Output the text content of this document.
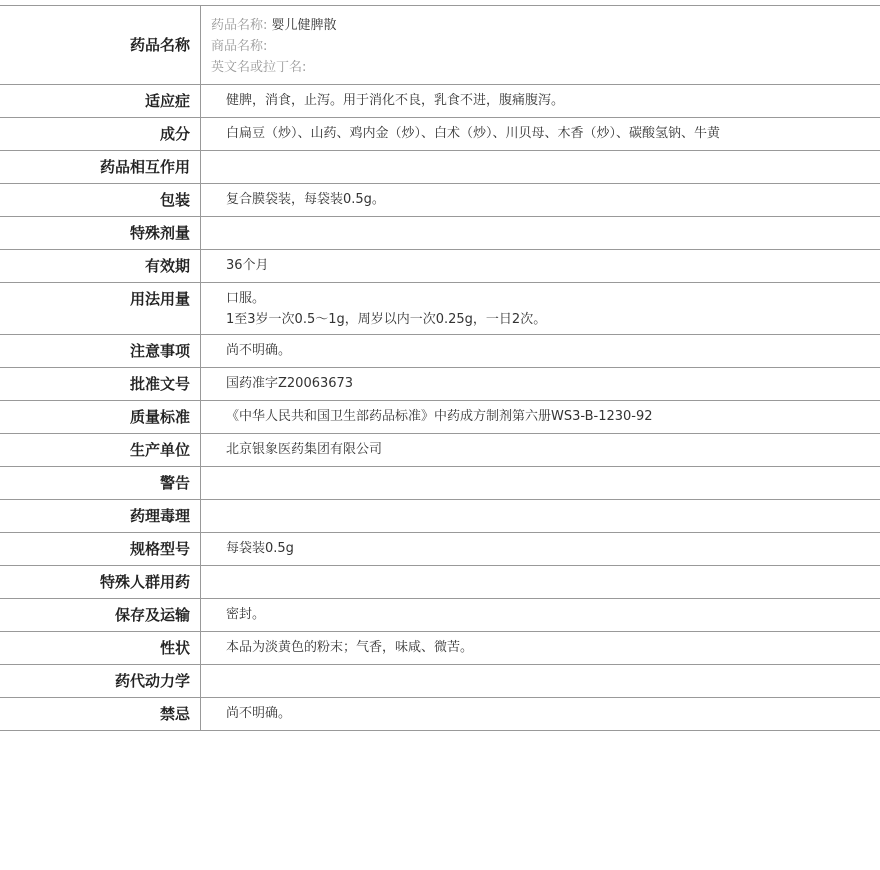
药品名称	药品名称: 婴儿健脾散
商品名称:
英文名或拉丁名:

适应症	健脾，消食，止泻。用于消化不良，乳食不进，腹痛腹泻。
成分	白扁豆（炒）、山药、鸡内金（炒）、白术（炒）、川贝母、木香（炒）、碳酸氢钠、牛黄
药品相互作用	
包装	复合膜袋装，每袋装0.5g。
特殊剂量	
有效期	36个月
用法用量	口服。
1至3岁一次0.5～1g，周岁以内一次0.25g，一日2次。

注意事项	尚不明确。
批准文号	国药准字Z20063673
质量标准	《中华人民共和国卫生部药品标准》中药成方制剂第六册WS3-B-1230-92
生产单位	北京银象医药集团有限公司
警告	
药理毒理	
规格型号	每袋装0.5g
特殊人群用药	
保存及运输	密封。
性状	本品为淡黄色的粉末；气香，味咸、微苦。
药代动力学	
禁忌	尚不明确。
